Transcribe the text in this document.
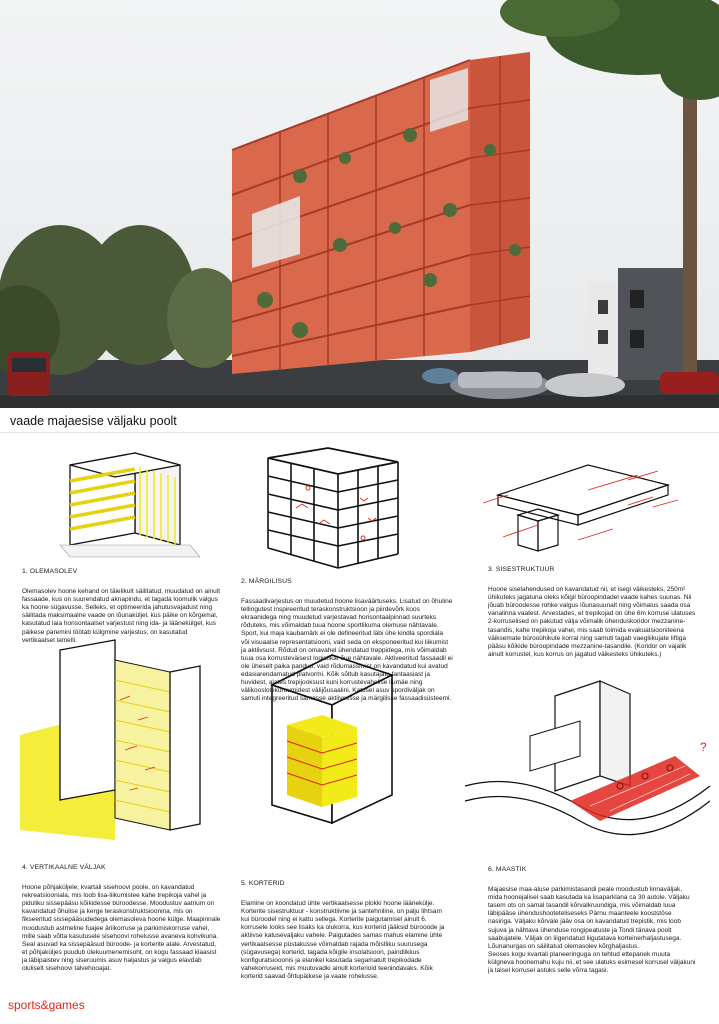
vaade majaesise väljaku poolt
?
1. OLEMASOLEV

Olemasolev hoone kehand on täielikult säilitatud, muudatud on ainult fassaade, kus on suurendatud aknapindu, et tagada loomulik valgus ka hoone sügavusse. Selleks, et optimeerida jahutusvajadust ning säilitada maksimaalne vaade on lõunaküljel, kus päike on kõrgemal, kasutatud laia horisontaalset varjestust ning ida- ja läänekülgel, kus päikese paremini töötab külgmine varjestus, on kasutatud vertikaalset lamelli.

2. MÄRGILISUS

Fassaadivarjestus on muudetud hoone lisaväärtuseks. Lisatud on õhuline tellingutest inspireeritud teraskonstruktsioon ja piirdevõrk koos ekraanidega ning muudetud varjestavad horisontaalpinnad suurteks rõduteks, mis võimaldab tuua hoone sportlikuma olemuse nähtavale. Sport, kui maja kaubamärk ei ole defineeritud läbi ühe kindla spordiala või visuaalse representatsiooni, vaid seda on eksponeeritud kui liikumist ja aktiivsust. Rõdud on omavahel ühendatud treppidega, mis võimaldab tuua osa korrusteväisest logistikat õue nähtavale. Aktiveeritud fassaadil ei ole üheselt paika pandud, vaid rõdumassiivist on kavandatud kui avatud edasiarendamatud platvormi. Kõik sõltub kasutajate fantaasiast ja huvidest, alates trepijooksust kuni korrustevahelise liumäe ning välikooslolekuruumidest välijõusaalini. Katusel asuv spordiväljak on samuti integreeritud samasse aktiivsesse ja märgilisse fassaadisüsteemi.

3. SISESTRUKTUUR

Hoone siselahendused on kavandatud nii, et isegi väikesteks, 250m² ühikuteks jagatuna oleks kõigil büroopindadel vaade kahes suunas. Nii jõuab büroodesse rohke valgus lõunasuunalt ning võimalus saada osa vanalinna vaatest. Arvestades, et trepikojad on ühe 6m korruse ulatuses 2-korruselised on pakutud välja võimalik ühenduskoridor mezzanine-tasandis, kahe trepikoja vahel, mis saab toimida evakuatsiooniteena väiksemate bürooühikute korral ning samuti tagab vaegliikujate liftiga pääsu kõikide büroopindade mezzanine-tasandile. (Koridor on vajalik ainult korrustel, kus korrus on jagatud väikesteks ühikuteks.)

4. VERTIKAALNE VÄLJAK

Hoone põhjaküljele, kvartali sisehoovi poole, on kavandatud rekreatsiooniala, mis loob lisa-liikumistee kahe trepikoja vahel ja piduliku sissepääsu kõikidesse büroodesse. Moodustuv aatrium on kavandatud õhulise ja kerge teraskonstruktsioonina, mis on fikseeritud sissepääsudedega olemasoleva hoone külge. Maapinnale moodustub astmeline fuajee äriikorruse ja parkimiskorruse vahel, mille saab võtta kasutusele sisehoovi rohelusse avaneva kohvikuna. Seal asuvad ka sissepääsud büroode- ja korterite alale. Arvestatud, et põhjaküljes puudub ülekuumenemisoht, on kogu fassaad klaasist ja läbipaistev ning siseruumis asuv haljastus ja valgus elavdab oluliselt sisehoovi talvehooajal.

5. KORTERID

Elamine on koondatud ühte vertikaalsesse plokki hoone läänekülje. Korterite sisestruktuur - konstruktiivne ja santehniline, on palju lihtsam kui büroodel ning ei kattu sellega. Korterite paigutamisel ainult 6. korrusele looks see lisaks ka olukorra, kus korterid jääksid bürooode ja aktiivse katusevaljaku vahele. Paigutades samas mahus elamine ühte vertikaalsesse püstakusse võimaldab rajada mõistliku suurusega (sügavusega) korterid, tagada kõigile insolatsioon, paindlikkus konfiguratsiooonis ja elanikel kasutada segamatult trepikodade vahekorruseid, mis muutuvadki ainult korterioid teenindavaks. Kõik korterid saavad õhtupäikese ja vaate rohelusse.

6. MAASTIK

Majaesise maa-aluse parkimistasandi peale moodustub linnaväljak, mida hoonejalisel saab kasutada ka lisaparklana ca 30 autole. Väljaku tasem ots on samal tasandil kõrvalkruundiga, mis võimaldab luua läbipääse ühendushooteteliseseks Pärnu maanteele kooststöse nasiriga. Väljaku kõrvale jääv osa on kavandatud trepistik, mis loob sujuva ja nähtava ühenduse rongipeatuste ja Tondi tänava poolt saabujatele. Väljak on liigendatud liigutatava korteinerhaljastusega. Lõunanurgas on säilitatud olemasolev kõrghaljastus.
Seoses kogu kvartali planeeringuga on tehtud ettepanek muuta külgneva hoonemahu kuju nii, et see ulatuks esimesel korrusel väljakuni ja taisel korrusel astuks selle võrra tagasi.

sports&games
